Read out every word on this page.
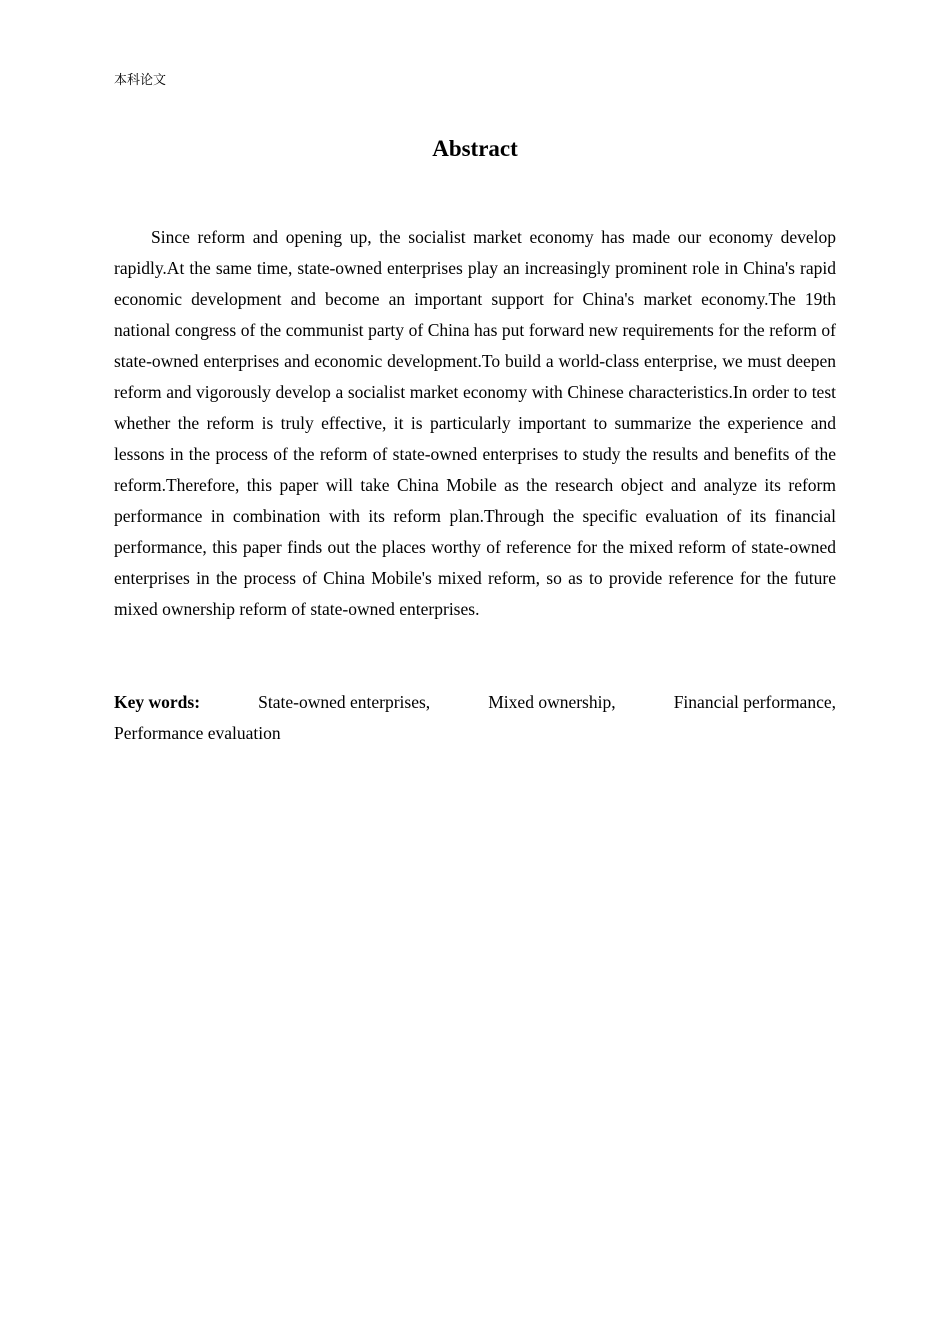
本科论文
Abstract

Since reform and opening up, the socialist market economy has made our economy develop rapidly.At the same time, state-owned enterprises play an increasingly prominent role in China's rapid economic development and become an important support for China's market economy.The 19th national congress of the communist party of China has put forward new requirements for the reform of state-owned enterprises and economic development.To build a world-class enterprise, we must deepen reform and vigorously develop a socialist market economy with Chinese characteristics.In order to test whether the reform is truly effective, it is particularly important to summarize the experience and lessons in the process of the reform of state-owned enterprises to study the results and benefits of the reform.Therefore, this paper will take China Mobile as the research object and analyze its reform performance in combination with its reform plan.Through the specific evaluation of its financial performance, this paper finds out the places worthy of reference for the mixed reform of state-owned enterprises in the process of China Mobile's mixed reform, so as to provide reference for the future mixed ownership reform of state-owned enterprises.

Key words:	State-owned enterprises,	Mixed ownership,	Financial performance,
Performance evaluation
